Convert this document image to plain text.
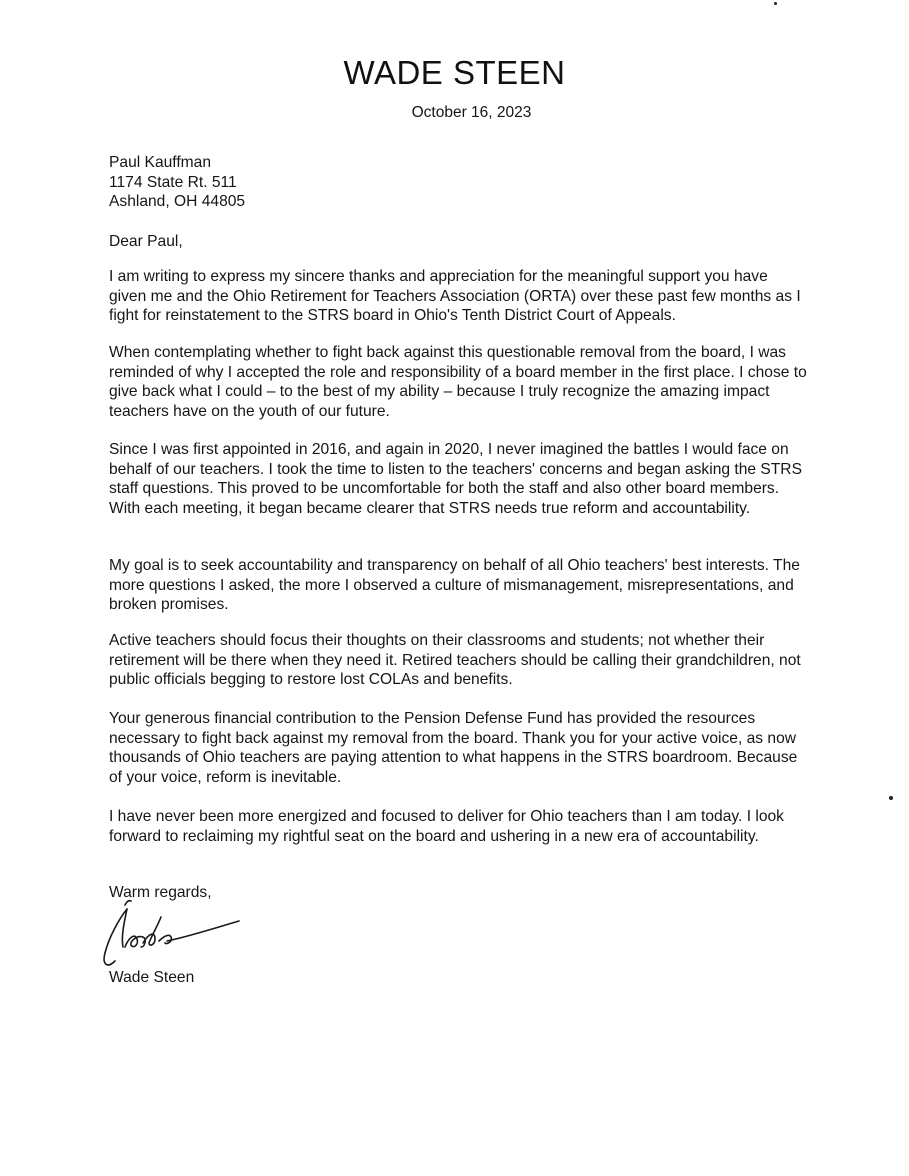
WADE STEEN
October 16, 2023
Paul Kauffman
1174 State Rt. 511
Ashland, OH 44805
Dear Paul,

I am writing to express my sincere thanks and appreciation for the meaningful support you have given me and the Ohio Retirement for Teachers Association (ORTA) over these past few months as I fight for reinstatement to the STRS board in Ohio's Tenth District Court of Appeals.

When contemplating whether to fight back against this questionable removal from the board, I was reminded of why I accepted the role and responsibility of a board member in the first place. I chose to give back what I could – to the best of my ability – because I truly recognize the amazing impact teachers have on the youth of our future.

Since I was first appointed in 2016, and again in 2020, I never imagined the battles I would face on behalf of our teachers. I took the time to listen to the teachers' concerns and began asking the STRS staff questions. This proved to be uncomfortable for both the staff and also other board members. With each meeting, it began became clearer that STRS needs true reform and accountability.

My goal is to seek accountability and transparency on behalf of all Ohio teachers' best interests. The more questions I asked, the more I observed a culture of mismanagement, misrepresentations, and broken promises.

Active teachers should focus their thoughts on their classrooms and students; not whether their retirement will be there when they need it. Retired teachers should be calling their grandchildren, not public officials begging to restore lost COLAs and benefits.

Your generous financial contribution to the Pension Defense Fund has provided the resources necessary to fight back against my removal from the board. Thank you for your active voice, as now thousands of Ohio teachers are paying attention to what happens in the STRS boardroom. Because of your voice, reform is inevitable.

I have never been more energized and focused to deliver for Ohio teachers than I am today. I look forward to reclaiming my rightful seat on the board and ushering in a new era of accountability.

Warm regards,
Wade Steen
